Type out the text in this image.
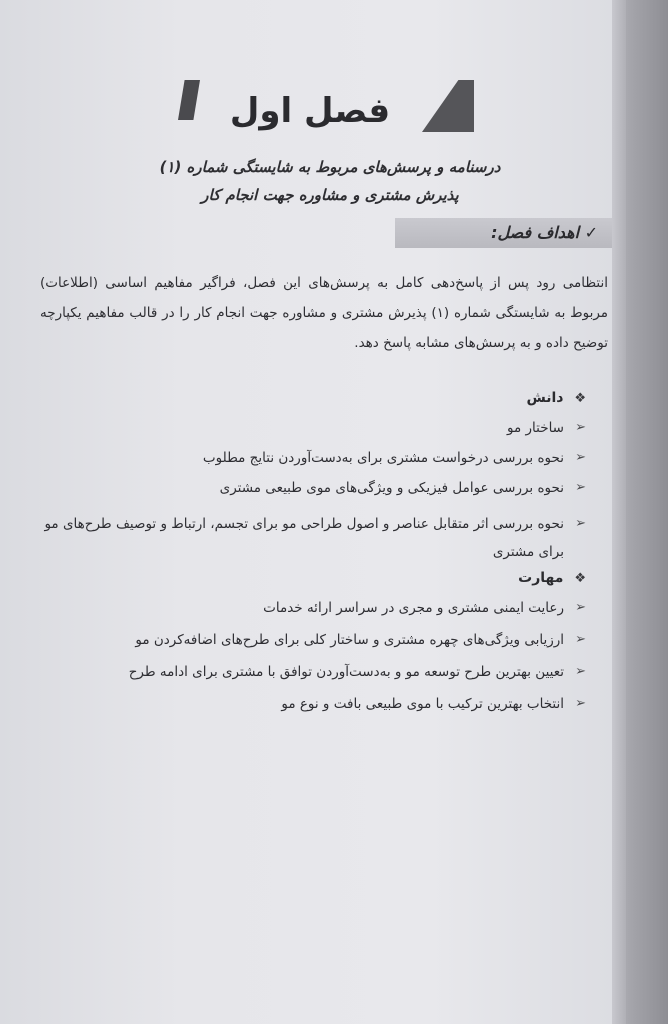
فصل اول
درسنامه و پرسش‌های مربوط به شایستگی شماره (۱)
پذیرش مشتری و مشاوره جهت انجام کار
✓ اهداف فصل:
انتظامی رود پس از پاسخ‌دهی کامل به پرسش‌های این فصل، فراگیر مفاهیم اساسی (اطلاعات) مربوط به شایستگی شماره (۱) پذیرش مشتری و مشاوره جهت انجام کار را در قالب مفاهیم یکپارچه توضیح داده و به پرسش‌های مشابه پاسخ دهد.
❖ دانش
➢
ساختار مو
➢
نحوه بررسی درخواست مشتری برای به‌دست‌آوردن نتایج مطلوب
➢
نحوه بررسی عوامل فیزیکی و ویژگی‌های موی طبیعی مشتری
➢
نحوه بررسی اثر متقابل عناصر و اصول طراحی مو برای تجسم، ارتباط و توصیف طرح‌های مو برای مشتری
❖ مهارت
➢
رعایت ایمنی مشتری و مجری در سراسر ارائه خدمات
➢
ارزیابی ویژگی‌های چهره مشتری و ساختار کلی برای طرح‌های اضافه‌کردن مو
➢
تعیین بهترین طرح توسعه مو و به‌دست‌آوردن توافق با مشتری برای ادامه طرح
➢
انتخاب بهترین ترکیب با موی طبیعی بافت و نوع مو
